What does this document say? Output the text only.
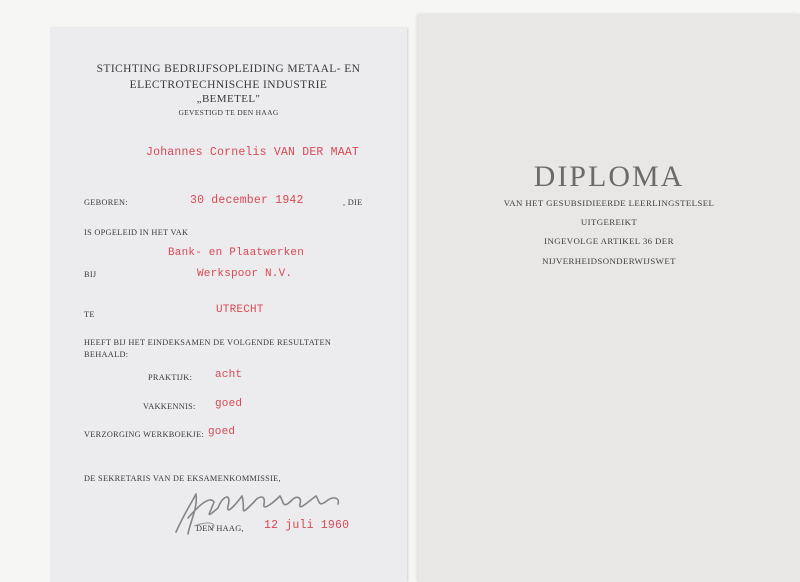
STICHTING BEDRIJFSOPLEIDING METAAL- EN
ELECTROTECHNISCHE INDUSTRIE
„BEMETEL"
GEVESTIGD TE DEN HAAG
Johannes Cornelis VAN DER MAAT
GEBOREN:	30 december 1942	, DIE
IS OPGELEID IN HET VAK
Bank- en Plaatwerken
BIJ	Werkspoor N.V.
TE	UTRECHT
HEEFT BIJ HET EINDEKSAMEN DE VOLGENDE RESULTATEN
BEHAALD:
PRAKTIJK: acht
VAKKENNIS: goed
VERZORGING WERKBOEKJE: goed
DE SEKRETARIS VAN DE EKSAMENKOMMISSIE,
DEN HAAG, 12 juli 1960
DIPLOMA
VAN HET GESUBSIDIEERDE LEERLINGSTELSEL
UITGEREIKT
INGEVOLGE ARTIKEL 36 DER
NIJVERHEIDSONDERWIJSWET
